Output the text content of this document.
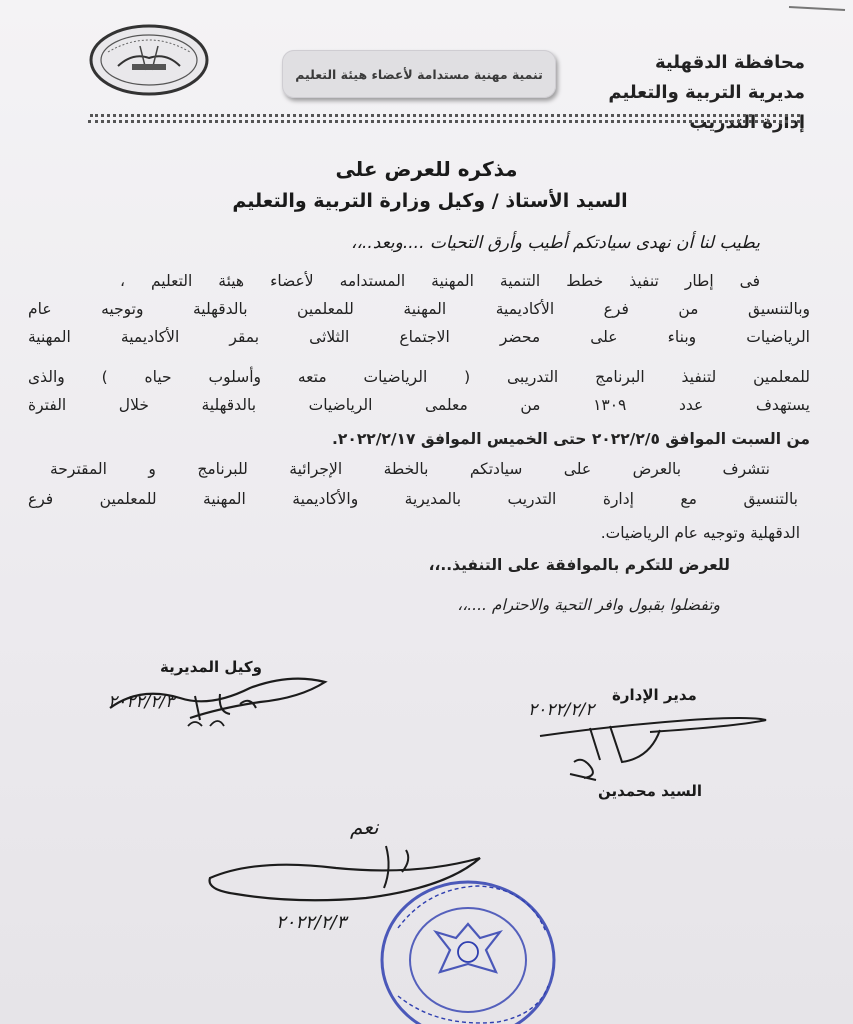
محافظة الدقهلية
مديرية التربية والتعليم
إدارة التدريب
تنمية مهنية مستدامة لأعضاء هيئة التعليم
مذكره للعرض على
السيد الأستاذ / وكيل وزارة التربية والتعليم
يطيب لنا أن نهدى سيادتكم أطيب وأرق التحيات ....وبعد..،،
فى إطار تنفيذ خطط التنمية المهنية المستدامه لأعضاء هيئة التعليم ،
وبالتنسيق من فرع الأكاديمية المهنية للمعلمين بالدقهلية وتوجيه عام
الرياضيات وبناء على محضر الاجتماع الثلاثى بمقر الأكاديمية المهنية
للمعلمين لتنفيذ البرنامج التدريبى ( الرياضيات متعه وأسلوب حياه ) والذى
يستهدف عدد ١٣٠٩ من معلمى الرياضيات بالدقهلية خلال الفترة
من السبت الموافق ٢٠٢٢/٢/٥ حتى الخميس الموافق ٢٠٢٢/٢/١٧.
نتشرف بالعرض على سيادتكم بالخطة الإجرائية للبرنامج و المقترحة
بالتنسيق مع إدارة التدريب بالمديرية والأكاديمية المهنية للمعلمين فرع
الدقهلية وتوجيه عام الرياضيات.
للعرض للتكرم بالموافقة على التنفيذ..،،
وتفضلوا بقبول وافر التحية والاحترام ....،،
وكيل المديرية
مدير الإدارة
السيد محمدين
٢٠٢٢/٢/٣	٢٠٢٢/٢/٢
نعم
٢٠٢٢/٢/٣
